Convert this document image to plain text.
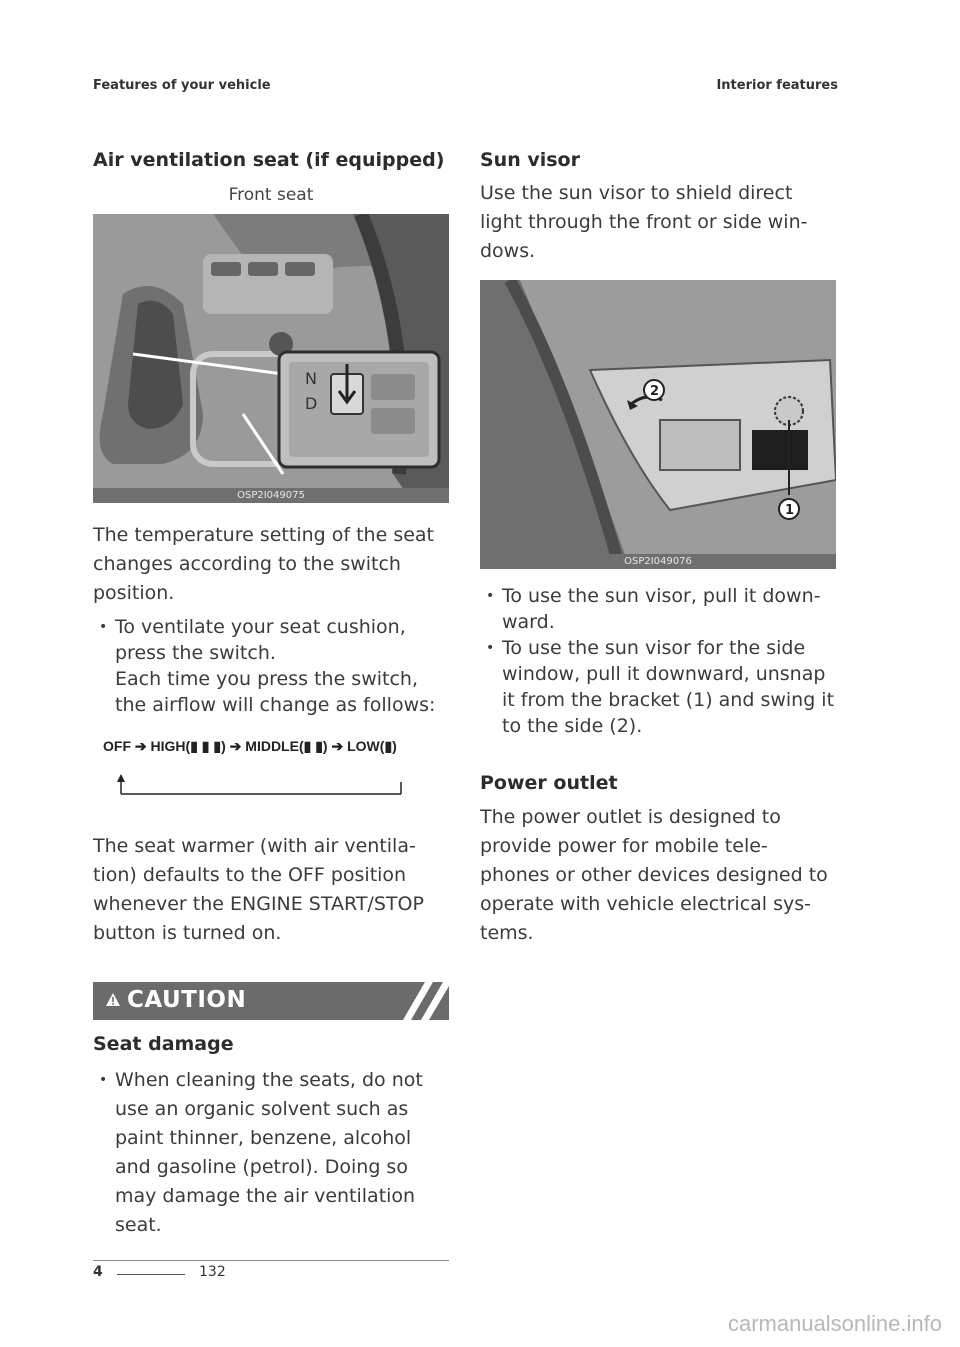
Features of your vehicle	Interior features
Air ventilation seat (if equipped)
Front seat
N
D
OSP2I049075

The temperature setting of the seat changes according to the switch position.

• To ventilate your seat cushion, press the switch.
Each time you press the switch, the airflow will change as follows:
OFF ➔ HIGH(▮ ▮ ▮) ➔ MIDDLE(▮ ▮) ➔ LOW(▮)

The seat warmer (with air ventila-tion) defaults to the OFF position whenever the ENGINE START/STOP button is turned on.

CAUTION
Seat damage
• When cleaning the seats, do not use an organic solvent such as paint thinner, benzene, alcohol and gasoline (petrol). Doing so may damage the air ventilation seat.
Sun visor

Use the sun visor to shield direct light through the front or side win-dows.

2
1
OSP2I049076
• To use the sun visor, pull it down-ward.
• To use the sun visor for the side window, pull it downward, unsnap it from the bracket (1) and swing it to the side (2).
Power outlet

The power outlet is designed to provide power for mobile tele-phones or other devices designed to operate with vehicle electrical sys-tems.

4	132
carmanualsonline.info
